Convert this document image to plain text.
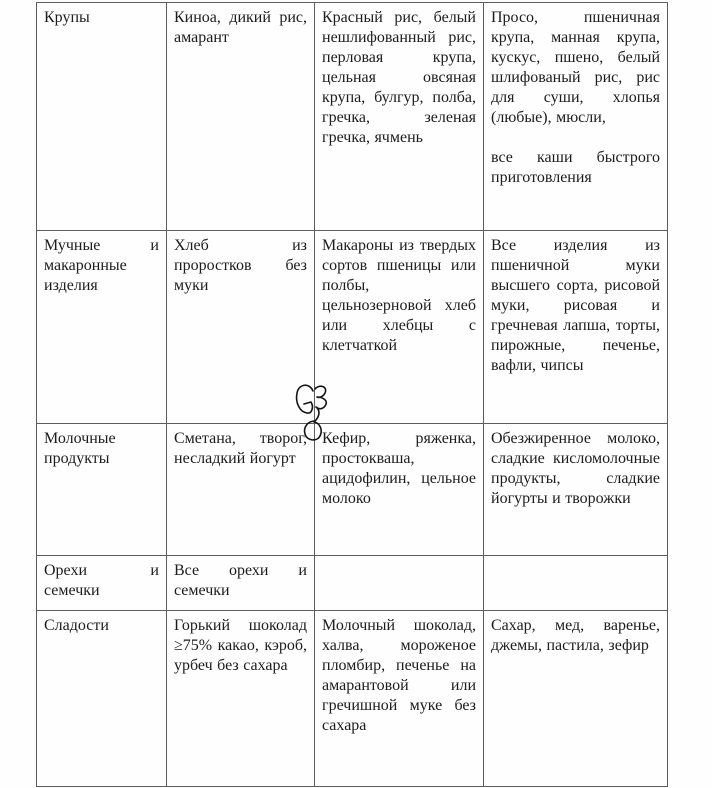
Крупы	Киноа, дикий рис, амарант
Красный рис, белый нешлифованный рис, перловая крупа, цельная овсяная крупа, булгур, полба, гречка, зеленая гречка, ячмень
Просо, пшеничная крупа, манная крупа, кускус, пшено, белый шлифованый рис, рис для суши, хлопья (любые), мюсли,
все каши быстрого приготовления
Мучные и макаронные изделия
Хлеб из проростков без муки
Макароны из твердых сортов пшеницы или полбы, цельнозерновой хлеб или хлебцы с клетчаткой
Все изделия из пшеничной муки высшего сорта, рисовой муки, рисовая и гречневая лапша, торты, пирожные, печенье, вафли, чипсы
Молочные продукты
Сметана, творог, несладкий йогурт
Кефир, ряженка, простокваша, ацидофилин, цельное молоко
Обезжиренное молоко, сладкие кисломолочные продукты, сладкие йогурты и творожки
Орехи и семечки
Все орехи и семечки
Сладости	Горький шоколад ≥75% какао, кэроб, урбеч без сахара
Молочный шоколад, халва, мороженое пломбир, печенье на амарантовой или гречишной муке без сахара
Сахар, мед, варенье, джемы, пастила, зефир
